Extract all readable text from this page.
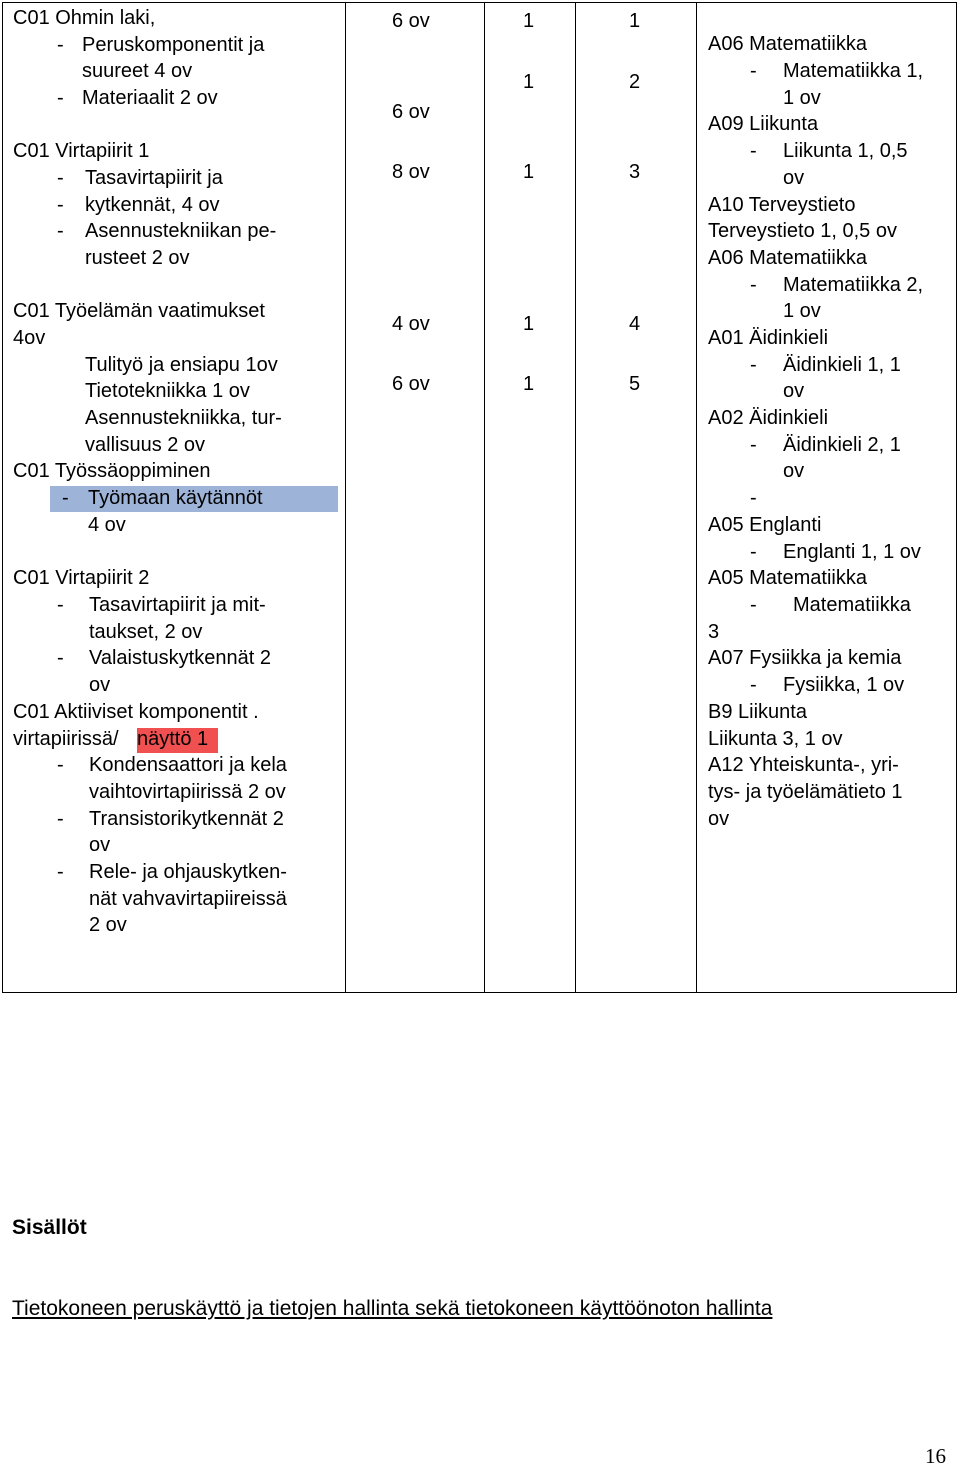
C01 Ohmin laki,
- Peruskomponentit ja
suureet 4 ov
- Materiaalit 2 ov
C01 Virtapiirit 1
- Tasavirtapiirit ja
- kytkennät, 4 ov
- Asennustekniikan pe-
rusteet 2 ov
C01 Työelämän vaatimukset
4ov
Tulityö ja ensiapu 1ov
Tietotekniikka 1 ov
Asennustekniikka, tur-
vallisuus 2 ov
C01 Työssäoppiminen
- Työmaan käytännöt
4 ov
C01 Virtapiirit 2
- Tasavirtapiirit ja mit-
taukset, 2 ov
- Valaistuskytkennät 2
ov
C01 Aktiiviset komponentit .
virtapiirissä/ näyttö 1
- Kondensaattori ja kela
vaihtovirtapiirissä 2 ov
- Transistorikytkennät 2
ov
- Rele- ja ohjauskytken-
nät vahvavirtapiireissä
2 ov
6 ov
6 ov
8 ov
4 ov
6 ov
1
1
1
1
1
1
2
3
4
5
A06 Matematiikka
- Matematiikka 1,
1 ov
A09 Liikunta
- Liikunta 1, 0,5
ov
A10 Terveystieto
Terveystieto 1, 0,5 ov
A06 Matematiikka
- Matematiikka 2,
1 ov
A01 Äidinkieli
- Äidinkieli 1, 1
ov
A02 Äidinkieli
- Äidinkieli 2, 1
ov
-
A05 Englanti
- Englanti 1, 1 ov
A05 Matematiikka
- Matematiikka
3
A07 Fysiikka ja kemia
- Fysiikka, 1 ov
B9 Liikunta
Liikunta 3, 1 ov
A12 Yhteiskunta-, yri-
tys- ja työelämätieto 1
ov
Sisällöt
Tietokoneen peruskäyttö ja tietojen hallinta sekä tietokoneen käyttöönoton hallinta
16
